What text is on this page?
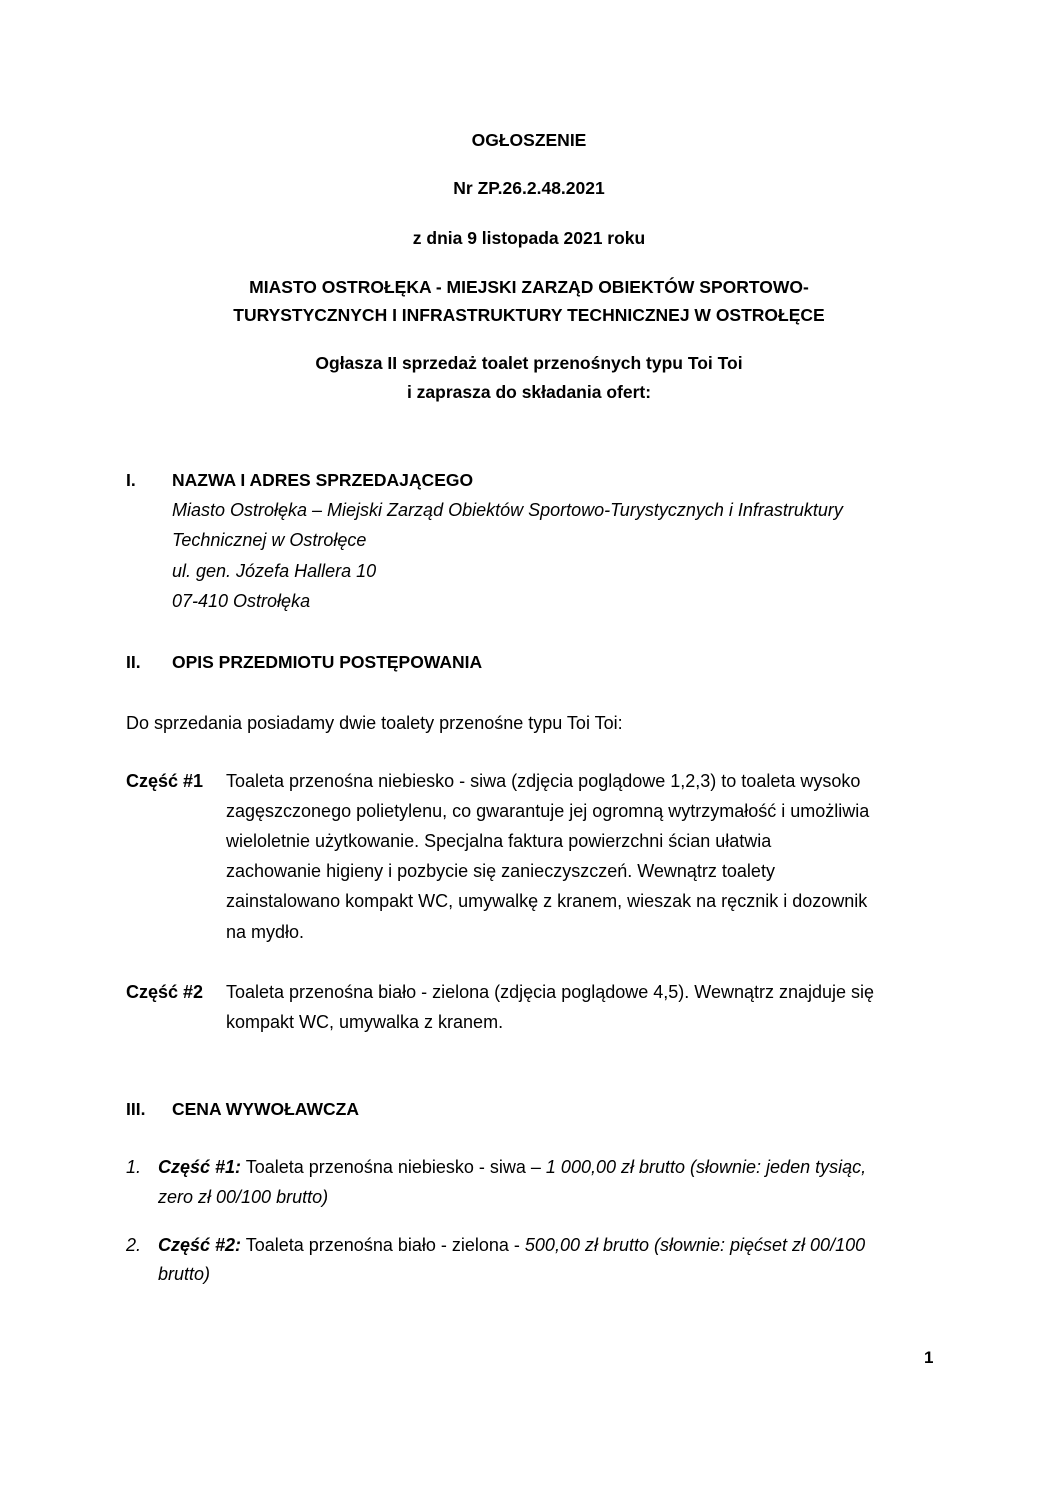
OGŁOSZENIE
Nr ZP.26.2.48.2021
z dnia 9 listopada 2021 roku
MIASTO OSTROŁĘKA - MIEJSKI ZARZĄD OBIEKTÓW SPORTOWO-
TURYSTYCZNYCH I INFRASTRUKTURY TECHNICZNEJ W OSTROŁĘCE
Ogłasza II sprzedaż toalet przenośnych typu Toi Toi
i zaprasza do składania ofert:
I. NAZWA I ADRES SPRZEDAJĄCEGO
Miasto Ostrołęka – Miejski Zarząd Obiektów Sportowo-Turystycznych i Infrastruktury
Technicznej w Ostrołęce
ul. gen. Józefa Hallera 10
07-410 Ostrołęka
II. OPIS PRZEDMIOTU POSTĘPOWANIA
Do sprzedania posiadamy dwie toalety przenośne typu Toi Toi:
Część #1 Toaleta przenośna niebiesko - siwa (zdjęcia poglądowe 1,2,3) to toaleta wysoko
zagęszczonego polietylenu, co gwarantuje jej ogromną wytrzymałość i umożliwia
wieloletnie użytkowanie. Specjalna faktura powierzchni ścian ułatwia
zachowanie higieny i pozbycie się zanieczyszczeń. Wewnątrz toalety
zainstalowano kompakt WC, umywalkę z kranem, wieszak na ręcznik i dozownik
na mydło.
Część #2 Toaleta przenośna biało - zielona (zdjęcia poglądowe 4,5). Wewnątrz znajduje się
kompakt WC, umywalka z kranem.
III. CENA WYWOŁAWCZA
1. Część #1: Toaleta przenośna niebiesko - siwa – 1 000,00 zł brutto (słownie: jeden tysiąc,
zero zł 00/100 brutto)
2. Część #2: Toaleta przenośna biało - zielona - 500,00 zł brutto (słownie: pięćset zł 00/100
brutto)
1
